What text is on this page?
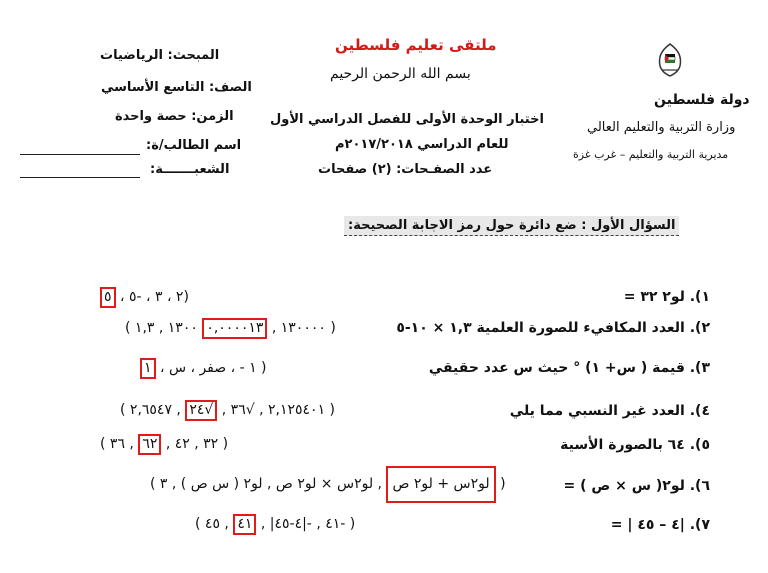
ملتقى تعليم فلسطين
بسم الله الرحمن الرحيم
المبحث: الرياضيات
الصف: التاسع الأساسي
الزمن: حصة واحدة
اسم الطالب/ة:
الشعبـــــــة:
اختبار الوحدة الأولى للفصل الدراسي الأول
للعام الدراسي ٢٠١٧/٢٠١٨م
عدد الصفـحات: (٢) صفحات
دولة فلسطين
وزارة التربية والتعليم العالي
مديرية التربية والتعليم – غرب غزة
السؤال الأول : ضع دائرة حول رمز الاجابة الصحيحة:
١). لو٢ ٣٢ =
(٢ ، ٣ ، -٥ ، ٥
٢). العدد المكافيء للصورة العلمية ١,٣ × ١٠-٥
( ١٣٠٠٠٠ , ٠,٠٠٠٠١٣ ١٣٠٠ , ١,٣ )
٣). قيمة ( س+ ١) ° حيث س عدد حقيقي
( ١ - ، صفر ، س ، ١
٤). العدد غير النسبي مما يلي
( ٢,١٢٥٤٠١ , √٣٦ , √٢٤ , ٢,٦٥٤٧ )
٥). ٦٤ بالصورة الأسية
( ٣٢ , ٤٢ , ٦٢ , ٣٦ )
٦). لو٢( س × ص ) =
( لو٢س + لو٢ ص , لو٢س × لو٢ ص , لو٢ ( س ص ) , ٣ )
٧). |٤ – ٤٥ | =
( -٤١ , -|٤-٤٥| , ٤١ , ٤٥ )
